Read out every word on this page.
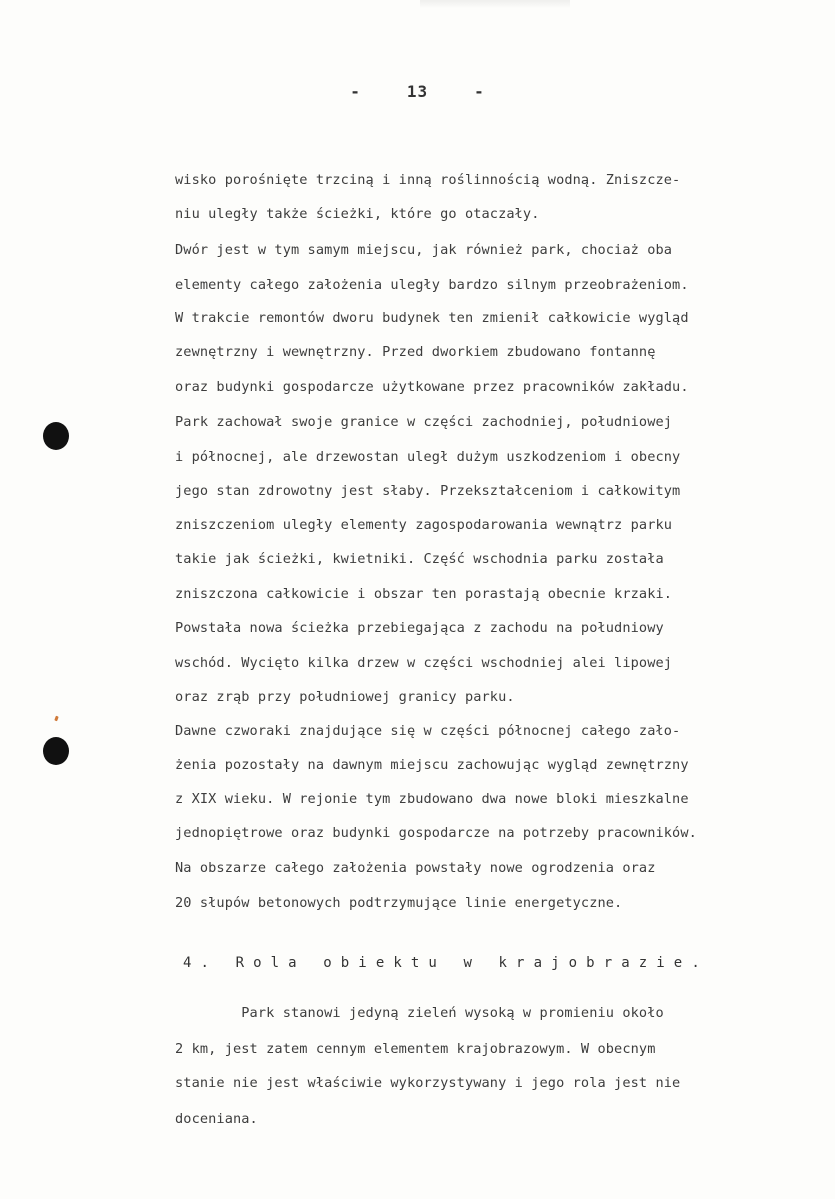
-	13	-
wisko porośnięte trzciną i inną roślinnością wodną. Zniszcze-
niu uległy także ścieżki, które go otaczały.
Dwór jest w tym samym miejscu, jak również park, chociaż oba
elementy całego założenia uległy bardzo silnym przeobrażeniom.
W trakcie remontów dworu budynek ten zmienił całkowicie wygląd
zewnętrzny i wewnętrzny. Przed dworkiem zbudowano fontannę
oraz budynki gospodarcze użytkowane przez pracowników zakładu.
Park zachował swoje granice w części zachodniej, południowej
i północnej, ale drzewostan uległ dużym uszkodzeniom i obecny
jego stan zdrowotny jest słaby. Przekształceniom i całkowitym
zniszczeniom uległy elementy zagospodarowania wewnątrz parku
takie jak ścieżki, kwietniki. Część wschodnia parku została
zniszczona całkowicie i obszar ten porastają obecnie krzaki.
Powstała nowa ścieżka przebiegająca z zachodu na południowy
wschód. Wycięto kilka drzew w części wschodniej alei lipowej
oraz zrąb przy południowej granicy parku.
Dawne czworaki znajdujące się w części północnej całego zało-
żenia pozostały na dawnym miejscu zachowując wygląd zewnętrzny
z XIX wieku. W rejonie tym zbudowano dwa nowe bloki mieszkalne
jednopiętrowe oraz budynki gospodarcze na potrzeby pracowników.
Na obszarze całego założenia powstały nowe ogrodzenia oraz
20 słupów betonowych podtrzymujące linie energetyczne.
4. Rola obiektu w krajobrazie.
Park stanowi jedyną zieleń wysoką w promieniu około
2 km, jest zatem cennym elementem krajobrazowym. W obecnym
stanie nie jest właściwie wykorzystywany i jego rola jest nie
doceniana.
